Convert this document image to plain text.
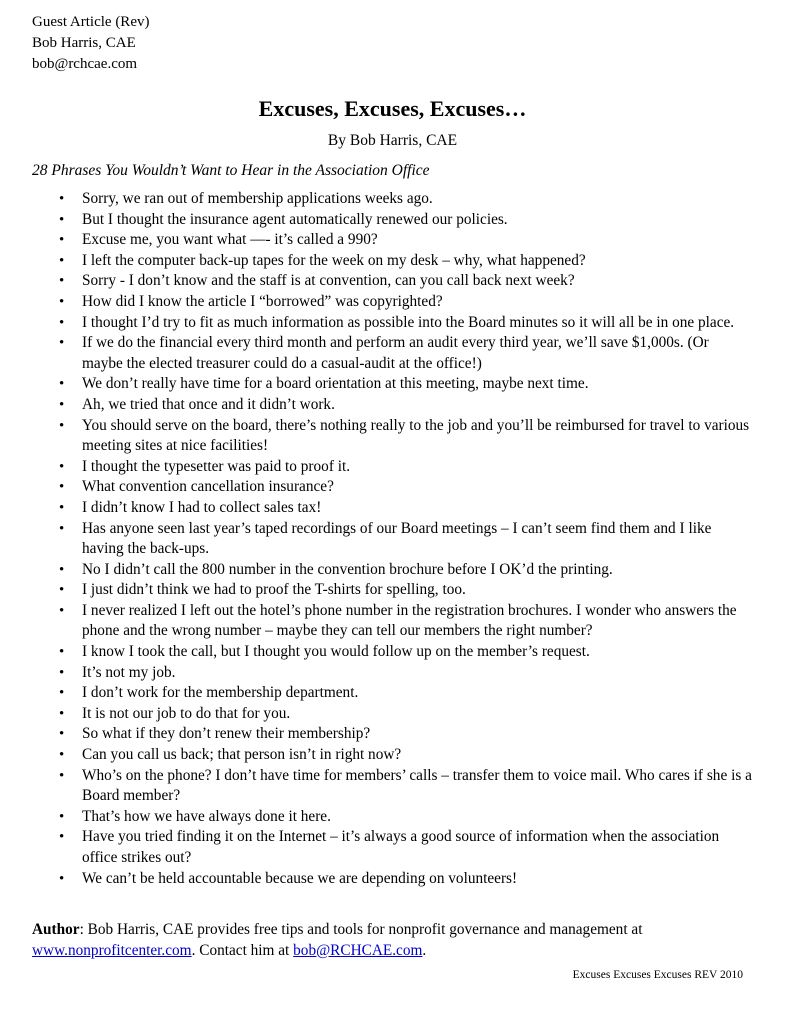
Guest Article (Rev)
Bob Harris, CAE
bob@rchcae.com
Excuses, Excuses, Excuses…
By Bob Harris, CAE
28 Phrases You Wouldn’t Want to Hear in the Association Office
• Sorry, we ran out of membership applications weeks ago.
• But I thought the insurance agent automatically renewed our policies.
• Excuse me, you want what —- it’s called a 990?
• I left the computer back-up tapes for the week on my desk – why, what happened?
• Sorry - I don’t know and the staff is at convention, can you call back next week?
• How did I know the article I “borrowed” was copyrighted?
• I thought I’d try to fit as much information as possible into the Board minutes so it will all be in one place.
• If we do the financial every third month and perform an audit every third year, we’ll save $1,000s. (Or maybe the elected treasurer could do a casual-audit at the office!)
• We don’t really have time for a board orientation at this meeting, maybe next time.
• Ah, we tried that once and it didn’t work.
• You should serve on the board, there’s nothing really to the job and you’ll be reimbursed for travel to various meeting sites at nice facilities!
• I thought the typesetter was paid to proof it.
• What convention cancellation insurance?
• I didn’t know I had to collect sales tax!
• Has anyone seen last year’s taped recordings of our Board meetings – I can’t seem find them and I like having the back-ups.
• No I didn’t call the 800 number in the convention brochure before I OK’d the printing.
• I just didn’t think we had to proof the T-shirts for spelling, too.
• I never realized I left out the hotel’s phone number in the registration brochures. I wonder who answers the phone and the wrong number – maybe they can tell our members the right number?
• I know I took the call, but I thought you would follow up on the member’s request.
• It’s not my job.
• I don’t work for the membership department.
• It is not our job to do that for you.
• So what if they don’t renew their membership?
• Can you call us back; that person isn’t in right now?
• Who’s on the phone? I don’t have time for members’ calls – transfer them to voice mail. Who cares if she is a Board member?
• That’s how we have always done it here.
• Have you tried finding it on the Internet – it’s always a good source of information when the association office strikes out?
• We can’t be held accountable because we are depending on volunteers!
Author: Bob Harris, CAE provides free tips and tools for nonprofit governance and management at www.nonprofitcenter.com. Contact him at bob@RCHCAE.com.
Excuses Excuses Excuses REV 2010
